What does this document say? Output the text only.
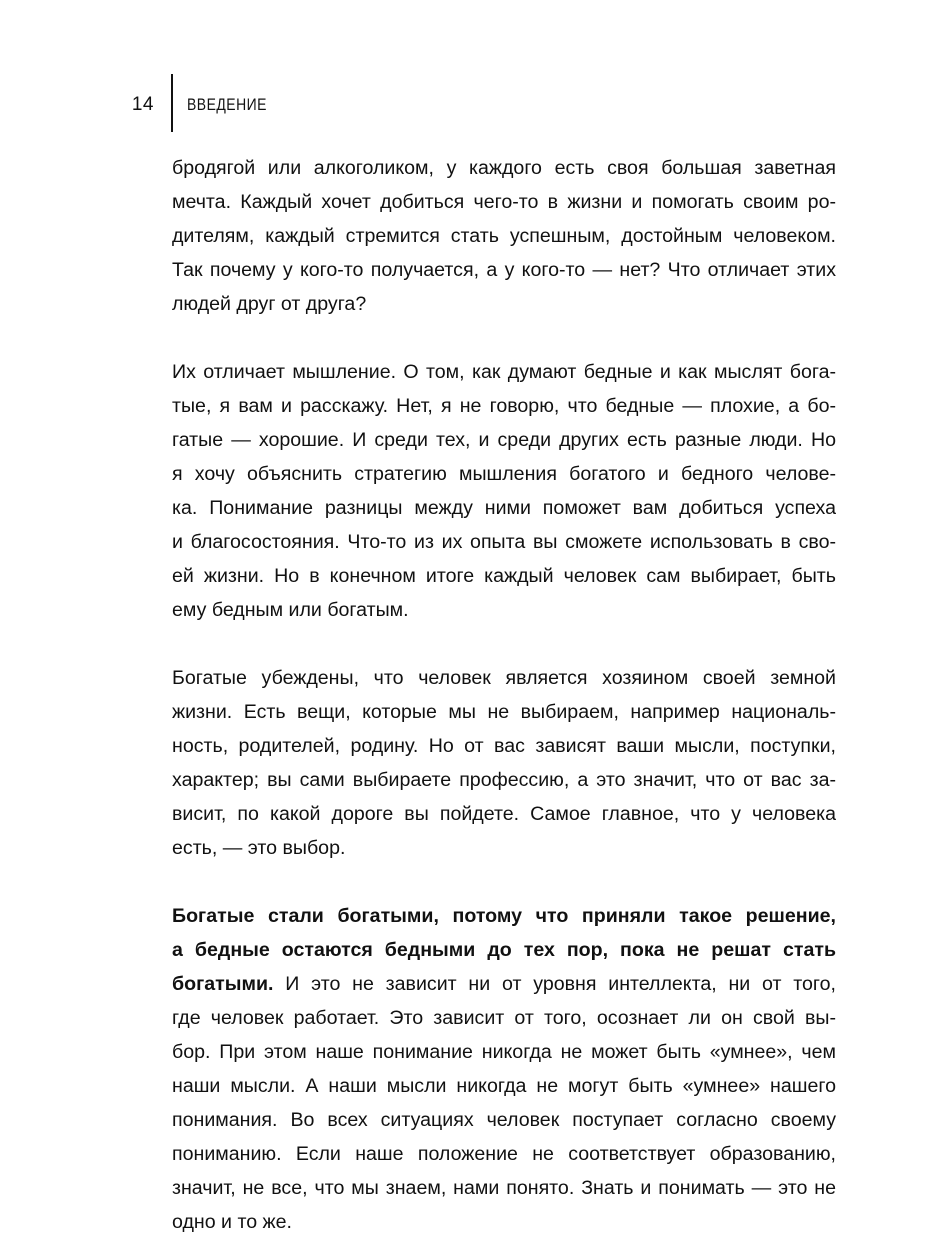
14 ВВЕДЕНИЕ
бродягой или алкоголиком, у каждого есть своя большая заветная
мечта. Каждый хочет добиться чего-то в жизни и помогать своим ро-
дителям, каждый стремится стать успешным, достойным человеком.
Так почему у кого-то получается, а у кого-то — нет? Что отличает этих
людей друг от друга?
Их отличает мышление. О том, как думают бедные и как мыслят бога-
тые, я вам и расскажу. Нет, я не говорю, что бедные — плохие, а бо-
гатые — хорошие. И среди тех, и среди других есть разные люди. Но
я хочу объяснить стратегию мышления богатого и бедного челове-
ка. Понимание разницы между ними поможет вам добиться успеха
и благосостояния. Что-то из их опыта вы сможете использовать в сво-
ей жизни. Но в конечном итоге каждый человек сам выбирает, быть
ему бедным или богатым.
Богатые убеждены, что человек является хозяином своей земной
жизни. Есть вещи, которые мы не выбираем, например националь-
ность, родителей, родину. Но от вас зависят ваши мысли, поступки,
характер; вы сами выбираете профессию, а это значит, что от вас за-
висит, по какой дороге вы пойдете. Самое главное, что у человека
есть, — это выбор.
Богатые стали богатыми, потому что приняли такое решение,
а бедные остаются бедными до тех пор, пока не решат стать
богатыми. И это не зависит ни от уровня интеллекта, ни от того,
где человек работает. Это зависит от того, осознает ли он свой вы-
бор. При этом наше понимание никогда не может быть «умнее», чем
наши мысли. А наши мысли никогда не могут быть «умнее» нашего
понимания. Во всех ситуациях человек поступает согласно своему
пониманию. Если наше положение не соответствует образованию,
значит, не все, что мы знаем, нами понято. Знать и понимать — это не
одно и то же.
